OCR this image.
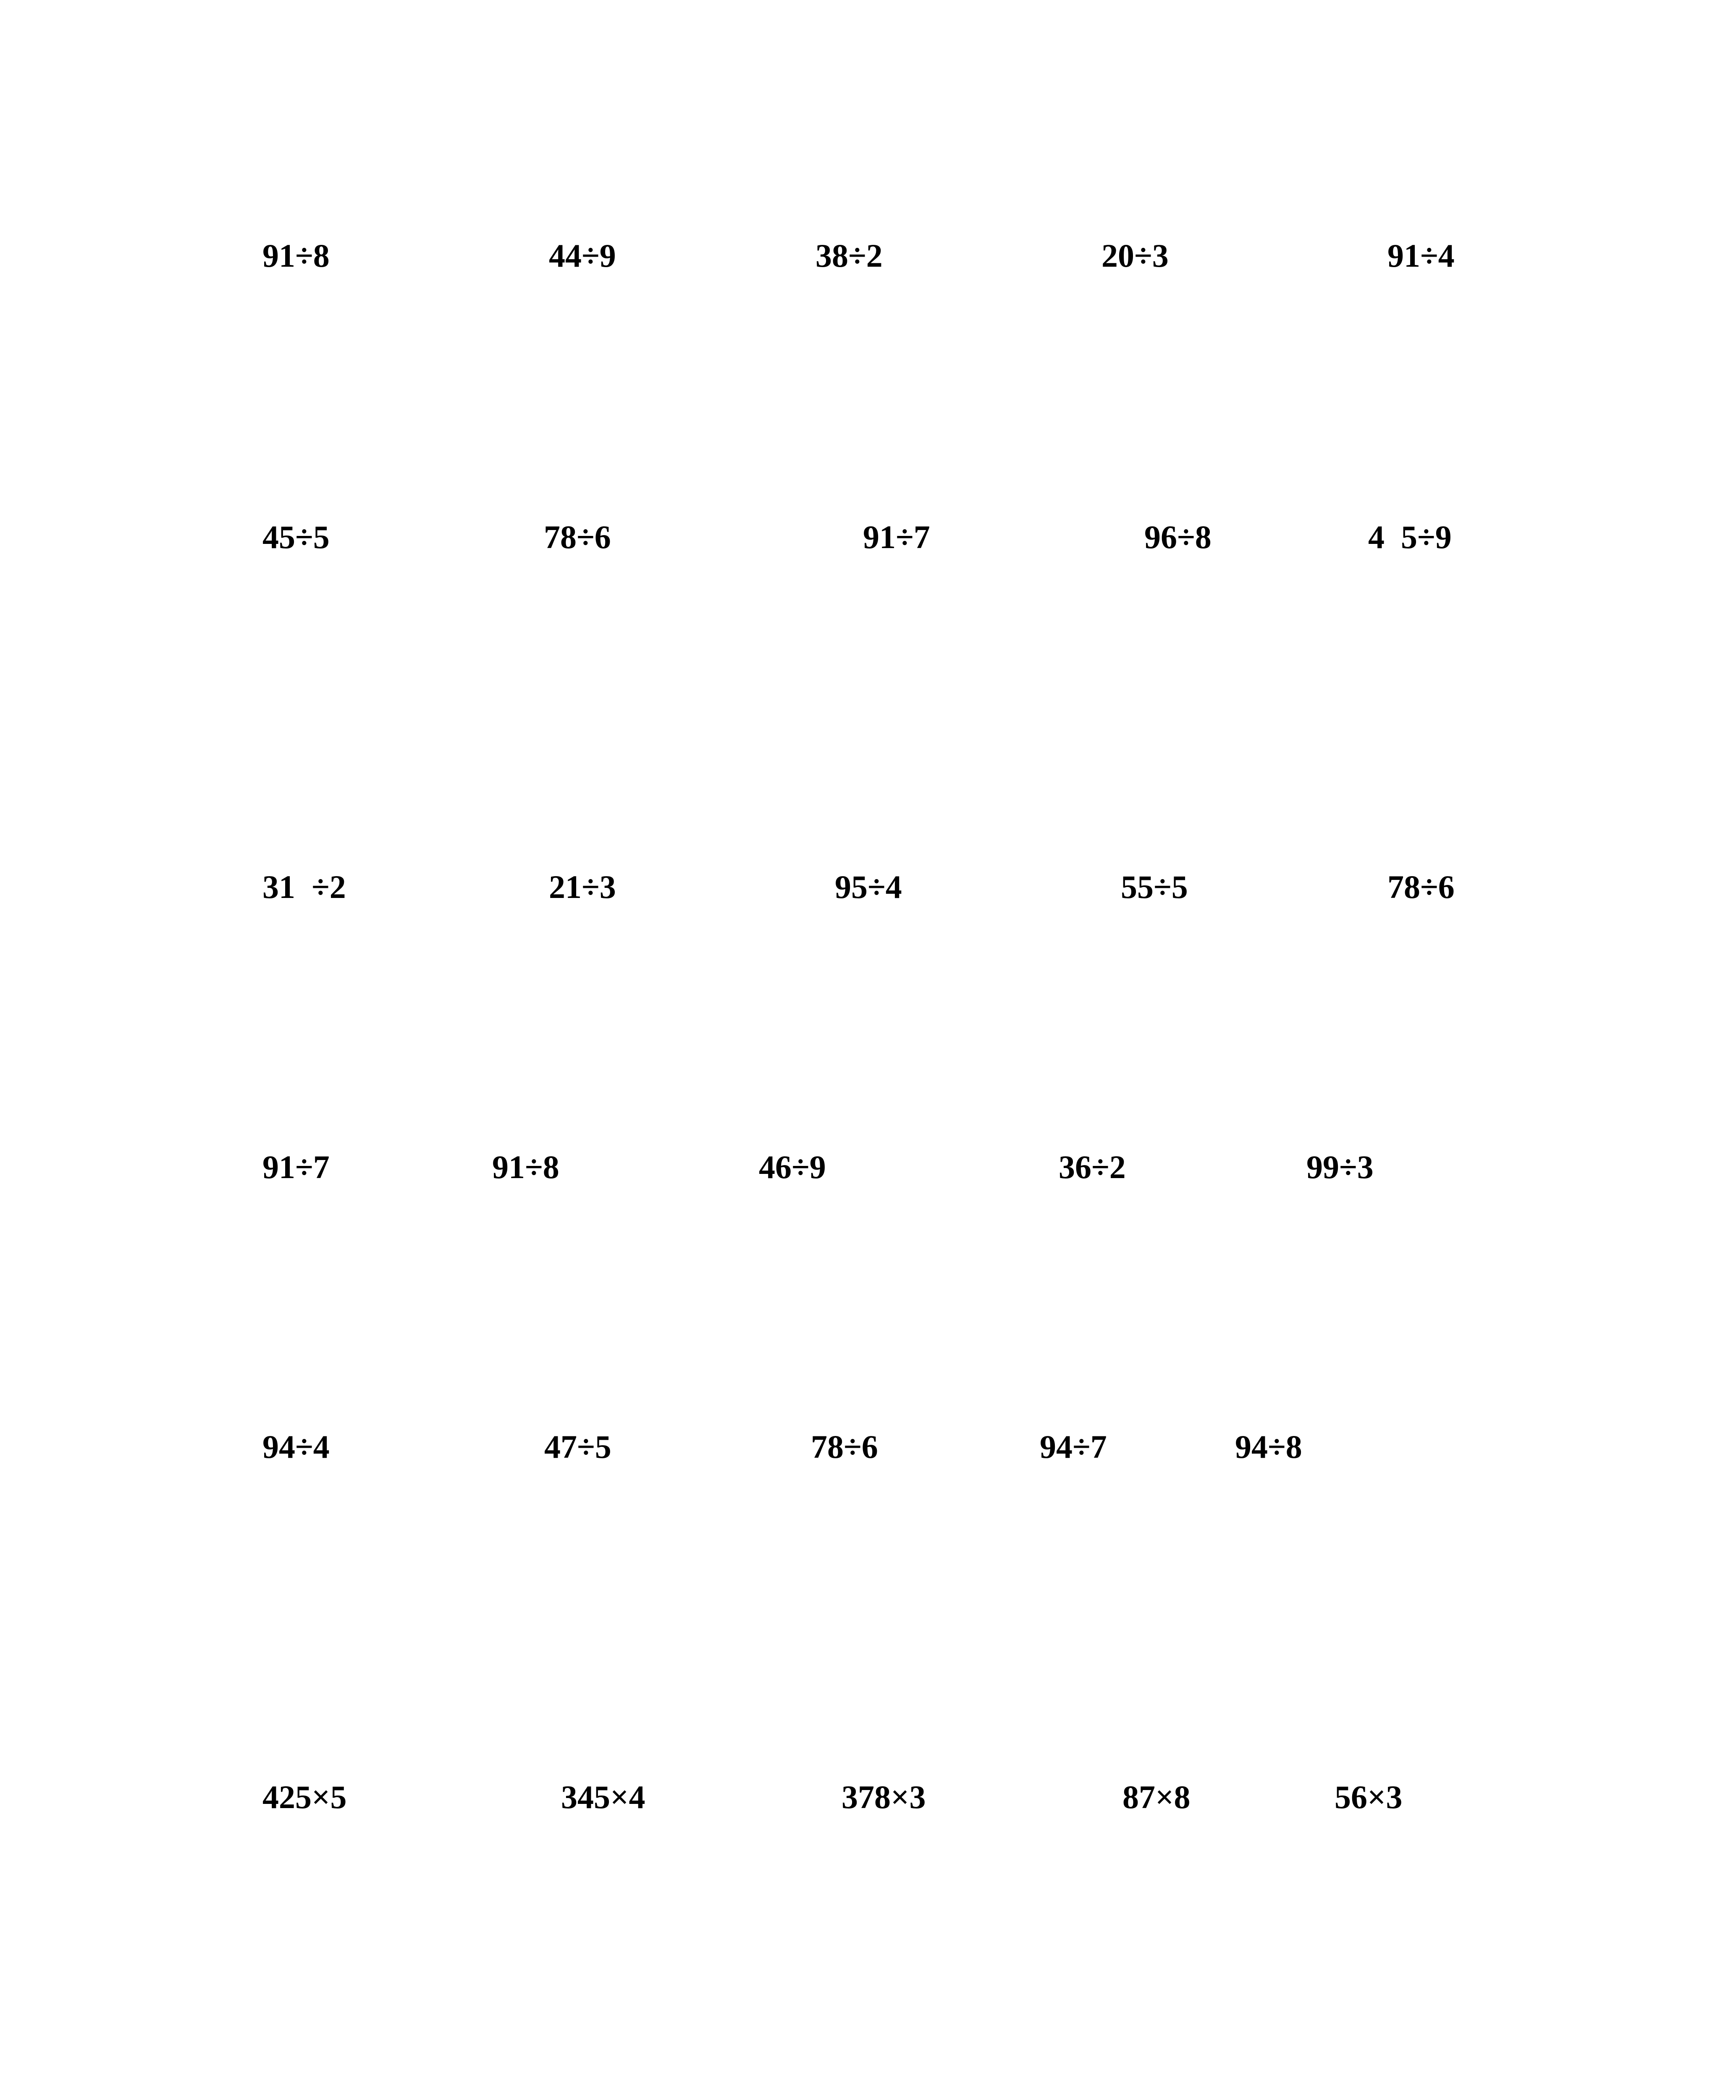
91÷8	44÷9	38÷2	20÷3	91÷4
45÷5	78÷6	91÷7	96÷8	4  5÷9
31  ÷2	21÷3	95÷4	55÷5	78÷6
91÷7	91÷8	46÷9	36÷2	99÷3
94÷4	47÷5	78÷6	94÷7	94÷8
425×5	345×4	378×3	87×8	56×3
